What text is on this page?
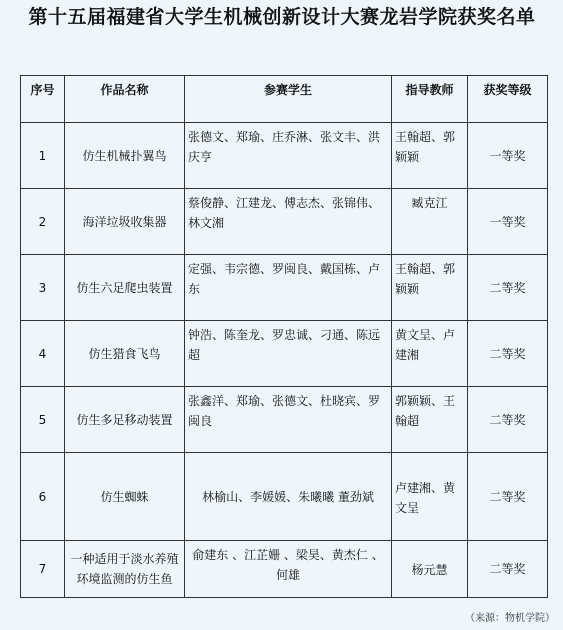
第十五届福建省大学生机械创新设计大赛龙岩学院获奖名单
序号	作品名称	参赛学生	指导教师	获奖等级
1	仿生机械扑翼鸟	张德文、郑瑜、庄乔淋、张文丰、洪庆亨	王翰超、郭颖颖	一等奖
2	海洋垃圾收集器	蔡俊静、江建龙、傅志杰、张锦伟、林文湘	臧克江	一等奖
3	仿生六足爬虫装置	定强、韦宗德、罗闽良、戴国栋、卢东	王翰超、郭颖颖	二等奖
4	仿生猎食飞鸟	钟浩、陈奎龙、罗忠诚、刁通、陈远超	黄文呈、卢建湘	二等奖
5	仿生多足移动装置	张鑫洋、郑瑜、张德文、杜晓宾、罗闽良	郭颖颖、王翰超	二等奖
6	仿生蜘蛛	林榆山、李媛媛、朱曦曦 董劲斌	卢建湘、黄文呈	二等奖
7	一种适用于淡水养殖环境监测的仿生鱼	俞建东 、江芷姗 、梁昊、黄杰仁 、何雄	杨元慧	二等奖
（来源：物机学院）
